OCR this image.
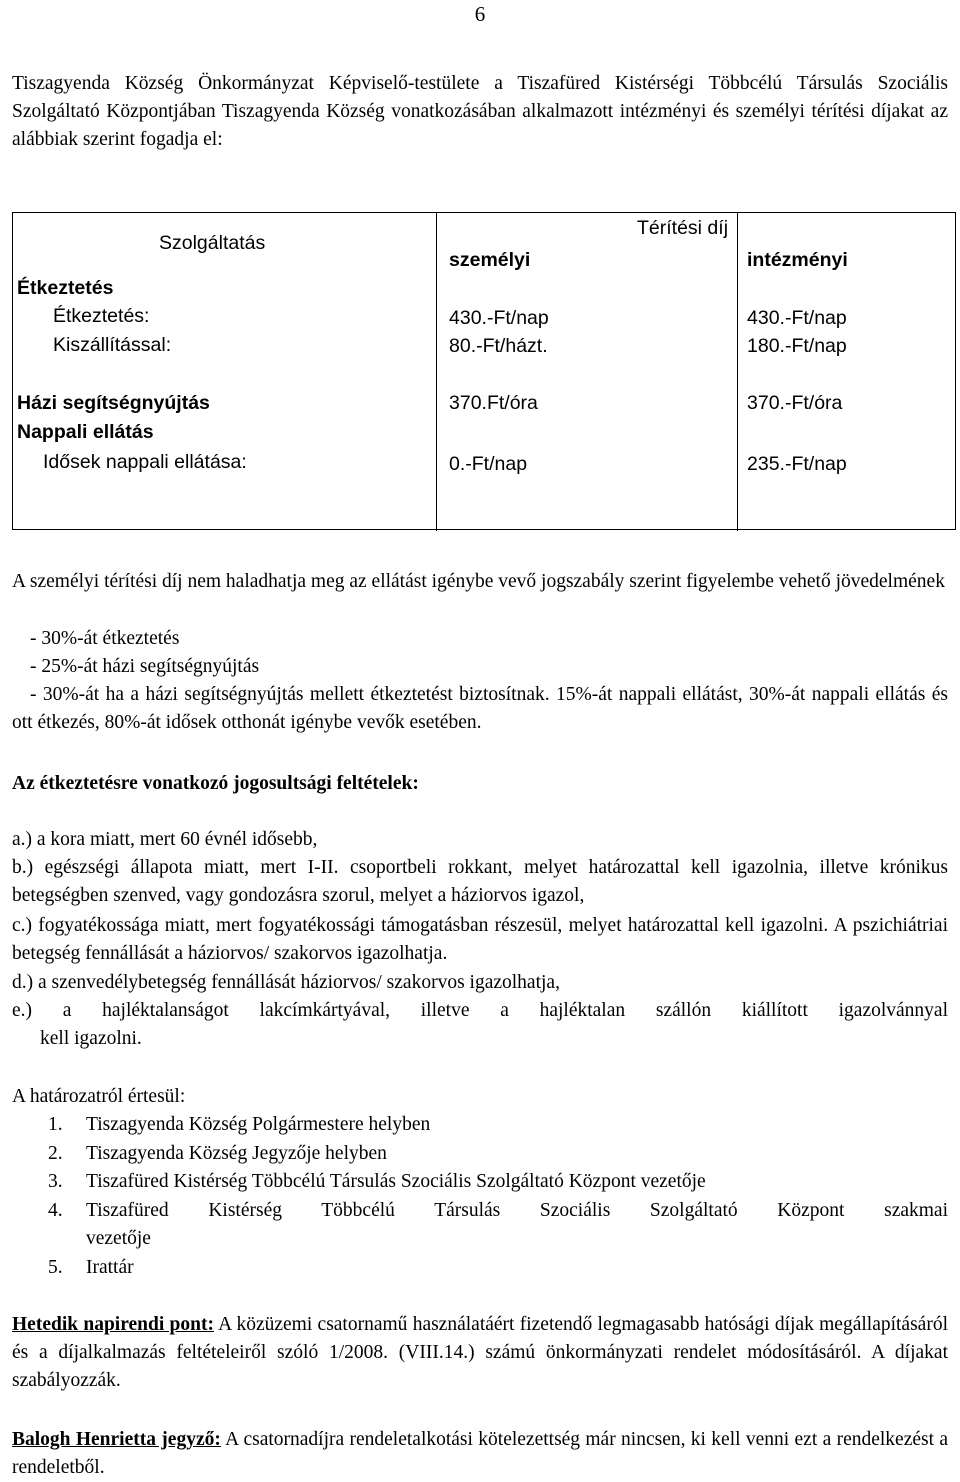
6
Tiszagyenda Község Önkormányzat Képviselő-testülete a Tiszafüred Kistérségi Többcélú Társulás Szociális Szolgáltató Központjában Tiszagyenda Község vonatkozásában alkalmazott intézményi és személyi térítési díjakat az alábbiak szerint fogadja el:
Szolgáltatás
Térítési díj
személyi	intézményi
Étkeztetés
Étkeztetés:	430.-Ft/nap	430.-Ft/nap
Kiszállítással:	80.-Ft/házt.	180.-Ft/nap
Házi segítségnyújtás	370.Ft/óra	370.-Ft/óra
Nappali ellátás
Idősek nappali ellátása:	0.-Ft/nap	235.-Ft/nap
A személyi térítési díj nem haladhatja meg az ellátást igénybe vevő jogszabály szerint figyelembe vehető jövedelmének
- 30%-át étkeztetés
- 25%-át házi segítségnyújtás
- 30%-át ha a házi segítségnyújtás mellett étkeztetést biztosítnak. 15%-át nappali ellátást, 30%-át nappali ellátás és ott étkezés, 80%-át idősek otthonát igénybe vevők esetében.
Az étkeztetésre vonatkozó jogosultsági feltételek:
a.) a kora miatt, mert 60 évnél idősebb,
b.) egészségi állapota miatt, mert I-II. csoportbeli rokkant, melyet határozattal kell igazolnia, illetve krónikus betegségben szenved, vagy gondozásra szorul, melyet a háziorvos igazol,
c.) fogyatékossága miatt, mert fogyatékossági támogatásban részesül, melyet határozattal kell igazolni. A pszichiátriai betegség fennállását a háziorvos/ szakorvos igazolhatja.
d.) a szenvedélybetegség fennállását háziorvos/ szakorvos igazolhatja,
e.) a hajléktalanságot lakcímkártyával, illetve a hajléktalan szállón kiállított igazolvánnyal
kell igazolni.
A határozatról értesül:
1. Tiszagyenda Község Polgármestere helyben
2. Tiszagyenda Község Jegyzője helyben
3. Tiszafüred Kistérség Többcélú Társulás Szociális Szolgáltató Központ vezetője
4. Tiszafüred Kistérség Többcélú Társulás Szociális Szolgáltató Központ szakmai
vezetője
5. Irattár
Hetedik napirendi pont: A közüzemi csatornamű használatáért fizetendő legmagasabb hatósági díjak megállapításáról és a díjalkalmazás feltételeiről szóló 1/2008. (VIII.14.) számú önkormányzati rendelet módosításáról. A díjakat szabályozzák.
Balogh Henrietta jegyző: A csatornadíjra rendeletalkotási kötelezettség már nincsen, ki kell venni ezt a rendelkezést a rendeletből.
